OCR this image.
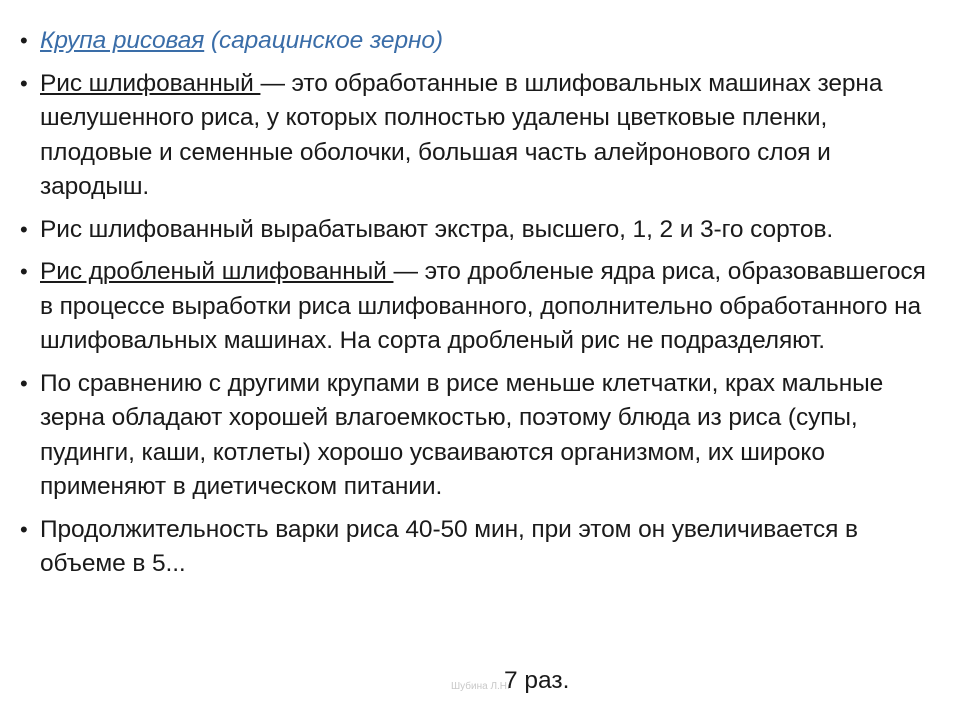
• Крупа рисовая (сарацинское зерно)
• Рис шлифованный — это обработанные в шлифовальных машинах зерна шелушенного риса, у которых полностью удалены цветковые пленки, плодовые и семенные оболочки, большая часть алейронового слоя и зародыш.
• Рис шлифованный вырабатывают экстра, высшего, 1, 2 и 3-го сортов.
• Рис дробленый шлифованный — это дробленые ядра риса, образовавшегося в процессе выработки риса шлифованного, дополнительно обработанного на шлифовальных машинах. На сорта дробленый рис не подразделяют.
• По сравнению с другими крупами в рисе меньше клетчатки, крах мальные зерна обладают хорошей влагоемкостью, поэтому блюда из риса (супы, пудинги, каши, котлеты) хорошо усваиваются организмом, их широко применяют в диетическом питании.
• Продолжительность варки риса 40-50 мин, при этом он увеличивается в объеме в 5...
Шубина Л.Н.
7 раз.
